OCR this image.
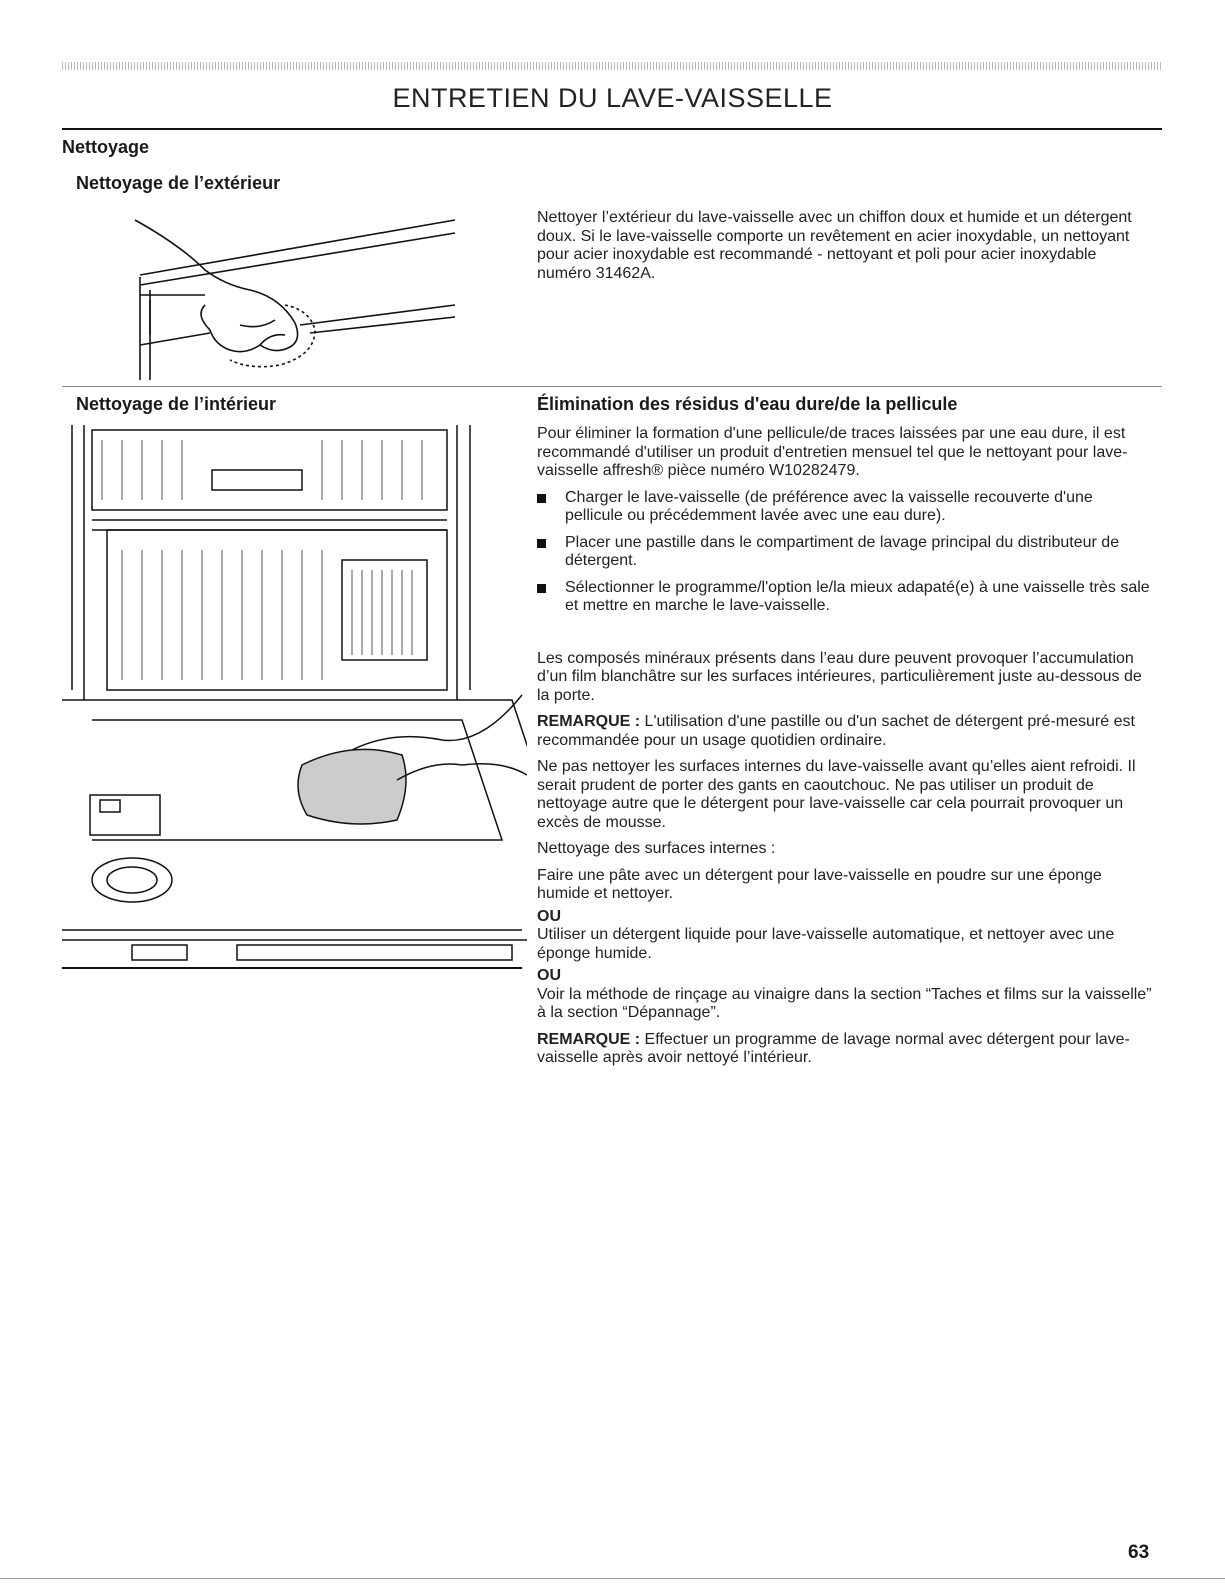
ENTRETIEN DU LAVE-VAISSELLE
Nettoyage
Nettoyage de l’extérieur
Nettoyer l’extérieur du lave-vaisselle avec un chiffon doux et humide et un détergent doux. Si le lave-vaisselle comporte un revêtement en acier inoxydable, un nettoyant pour acier inoxydable est recommandé - nettoyant et poli pour acier inoxydable numéro 31462A.
Nettoyage de l’intérieur	Élimination des résidus d'eau dure/de la pellicule

Pour éliminer la formation d'une pellicule/de traces laissées par une eau dure, il est recommandé d'utiliser un produit d'entretien mensuel tel que le nettoyant pour lave-vaisselle affresh® pièce numéro W10282479.

Charger le lave-vaisselle (de préférence avec la vaisselle recouverte d'une pellicule ou précédemment lavée avec une eau dure).
Placer une pastille dans le compartiment de lavage principal du distributeur de détergent.
Sélectionner le programme/l'option le/la mieux adapaté(e) à une vaisselle très sale et mettre en marche le lave-vaisselle.

Les composés minéraux présents dans l’eau dure peuvent provoquer l’accumulation d’un film blanchâtre sur les surfaces intérieures, particulièrement juste au-dessous de la porte.

REMARQUE : L'utilisation d'une pastille ou d'un sachet de détergent pré-mesuré est recommandée pour un usage quotidien ordinaire.

Ne pas nettoyer les surfaces internes du lave-vaisselle avant qu’elles aient refroidi. Il serait prudent de porter des gants en caoutchouc. Ne pas utiliser un produit de nettoyage autre que le détergent pour lave-vaisselle car cela pourrait provoquer un excès de mousse.

Nettoyage des surfaces internes :

Faire une pâte avec un détergent pour lave-vaisselle en poudre sur une éponge humide et nettoyer.

OU

Utiliser un détergent liquide pour lave-vaisselle automatique, et nettoyer avec une éponge humide.

OU

Voir la méthode de rinçage au vinaigre dans la section “Taches et films sur la vaisselle” à la section “Dépannage”.

REMARQUE : Effectuer un programme de lavage normal avec détergent pour lave-vaisselle après avoir nettoyé l’intérieur.

63
